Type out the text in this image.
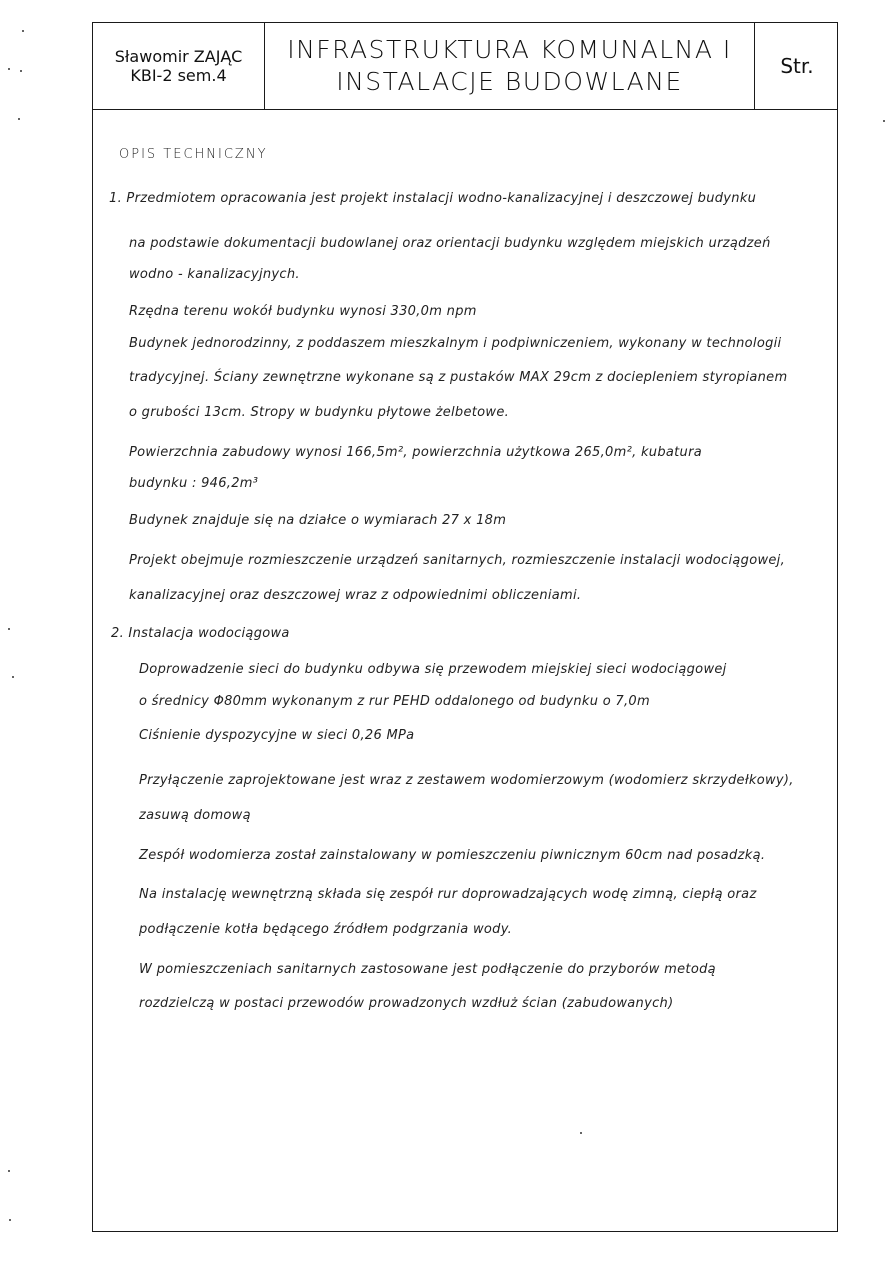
Sławomir ZAJĄC
KBI-2 sem.4
INFRASTRUKTURA KOMUNALNA I
INSTALACJE BUDOWLANE
Str.
OPIS TECHNICZNY
1. Przedmiotem opracowania jest projekt instalacji wodno-kanalizacyjnej i deszczowej budynku
na podstawie dokumentacji budowlanej oraz orientacji budynku względem miejskich urządzeń
wodno - kanalizacyjnych.
Rzędna terenu wokół budynku wynosi 330,0m npm
Budynek jednorodzinny, z poddaszem mieszkalnym i podpiwniczeniem, wykonany w technologii
tradycyjnej. Ściany zewnętrzne wykonane są z pustaków MAX 29cm z dociepleniem styropianem
o grubości 13cm. Stropy w budynku płytowe żelbetowe.
Powierzchnia zabudowy wynosi 166,5m², powierzchnia użytkowa 265,0m², kubatura
budynku : 946,2m³
Budynek znajduje się na działce o wymiarach 27 x 18m
Projekt obejmuje rozmieszczenie urządzeń sanitarnych, rozmieszczenie instalacji wodociągowej,
kanalizacyjnej oraz deszczowej wraz z odpowiednimi obliczeniami.
2. Instalacja wodociągowa
Doprowadzenie sieci do budynku odbywa się przewodem miejskiej sieci wodociągowej
o średnicy Φ80mm wykonanym z rur PEHD oddalonego od budynku o 7,0m
Ciśnienie dyspozycyjne w sieci 0,26 MPa
Przyłączenie zaprojektowane jest wraz z zestawem wodomierzowym (wodomierz skrzydełkowy),
zasuwą domową
Zespół wodomierza został zainstalowany w pomieszczeniu piwnicznym 60cm nad posadzką.
Na instalację wewnętrzną składa się zespół rur doprowadzających wodę zimną, ciepłą oraz
podłączenie kotła będącego źródłem podgrzania wody.
W pomieszczeniach sanitarnych zastosowane jest podłączenie do przyborów metodą
rozdzielczą w postaci przewodów prowadzonych wzdłuż ścian (zabudowanych)
